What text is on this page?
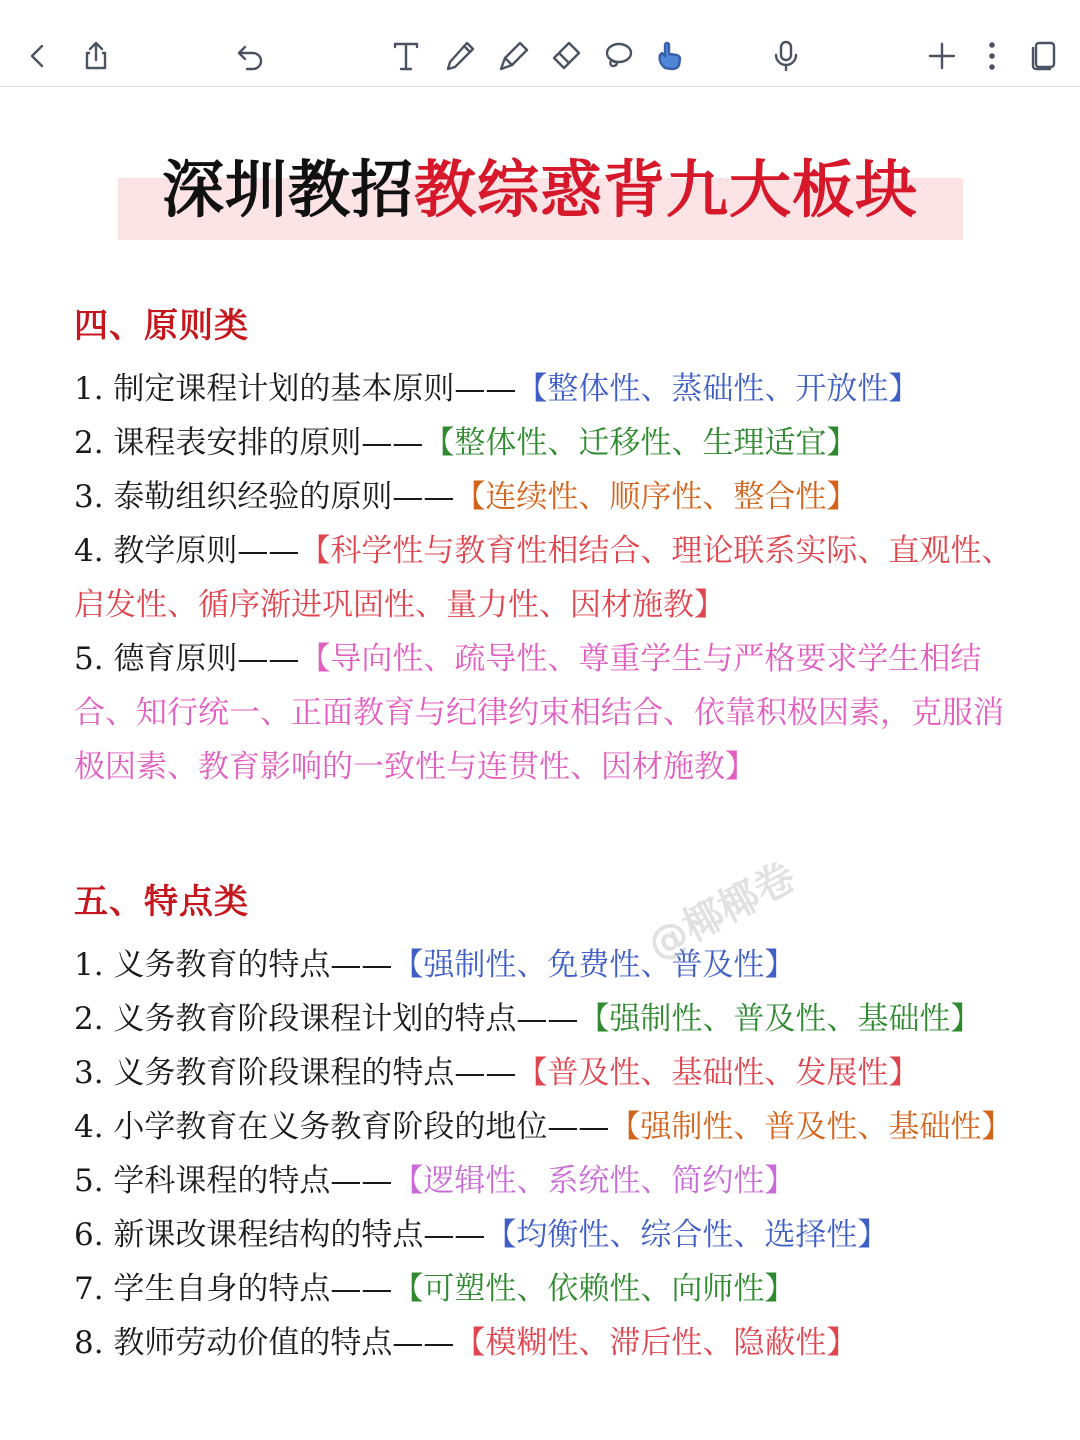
深圳教招教综惑背九大板块
四、原则类
1. 制定课程计划的基本原则——【整体性、蒸础性、开放性】
2. 课程表安排的原则——【整体性、迁移性、生理适宜】
3. 泰勒组织经验的原则——【连续性、顺序性、整合性】
4. 教学原则——【科学性与教育性相结合、理论联系实际、直观性、启发性、循序渐进巩固性、量力性、因材施教】
5. 德育原则——【导向性、疏导性、尊重学生与严格要求学生相结合、知行统一、正面教育与纪律约束相结合、依靠积极因素，克服消极因素、教育影响的一致性与连贯性、因材施教】
五、特点类
1. 义务教育的特点——【强制性、免费性、普及性】
2. 义务教育阶段课程计划的特点——【强制性、普及性、基础性】
3. 义务教育阶段课程的特点——【普及性、基础性、发展性】
4. 小学教育在义务教育阶段的地位——【强制性、普及性、基础性】
5. 学科课程的特点——【逻辑性、系统性、简约性】
6. 新课改课程结构的特点——【均衡性、综合性、选择性】
7. 学生自身的特点——【可塑性、依赖性、向师性】
8. 教师劳动价值的特点——【模糊性、滞后性、隐蔽性】
@椰椰卷
